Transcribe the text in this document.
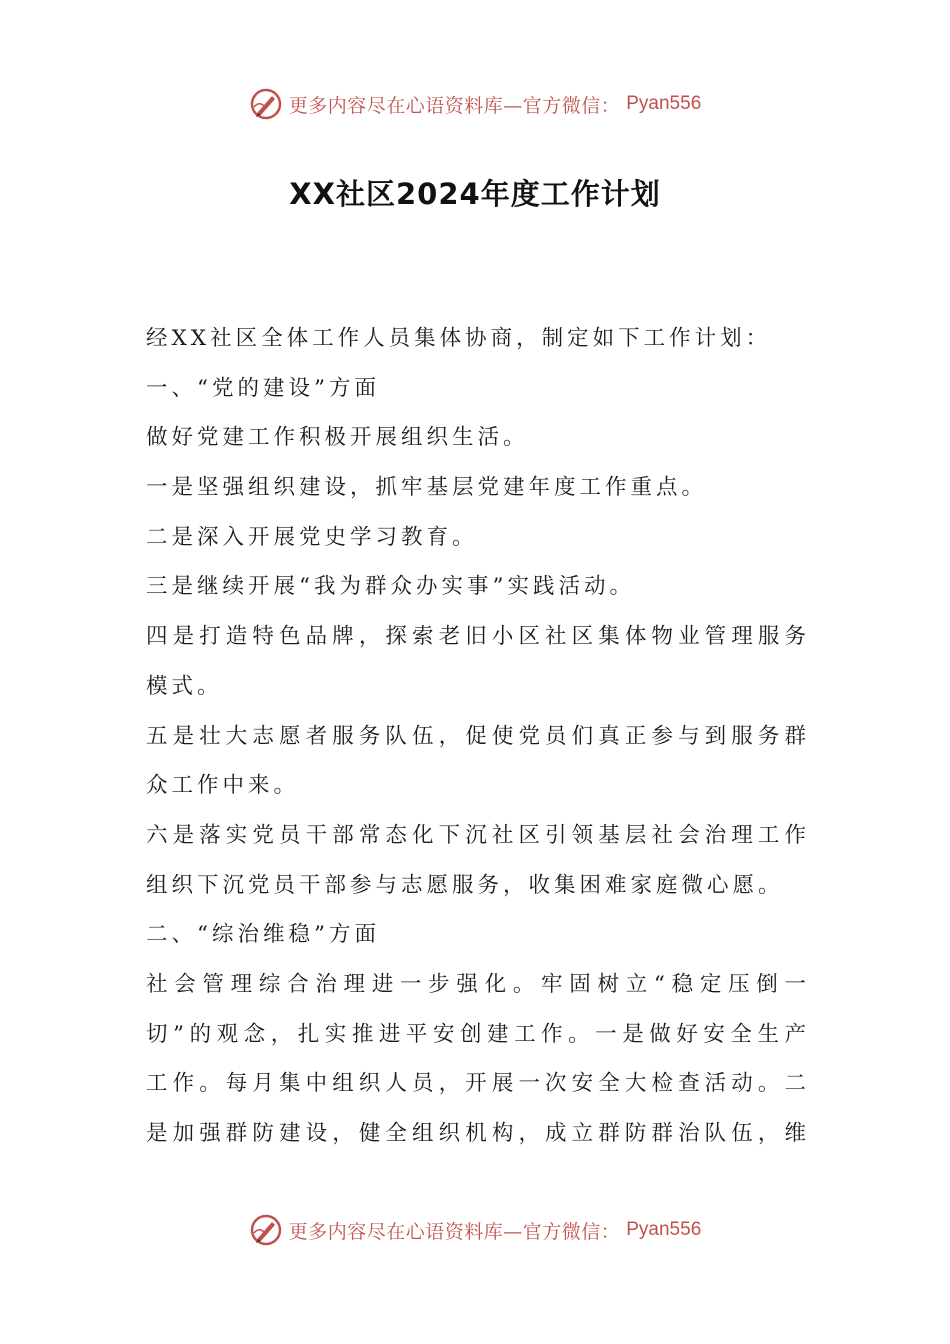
更多内容尽在心语资料库—官方微信： Pyan556
XX社区2024年度工作计划
经XX社区全体工作人员集体协商，制定如下工作计划：
一、“党的建设”方面
做好党建工作积极开展组织生活。
一是坚强组织建设，抓牢基层党建年度工作重点。
二是深入开展党史学习教育。
三是继续开展“我为群众办实事”实践活动。
四是打造特色品牌，探索老旧小区社区集体物业管理服务
模式。
五是壮大志愿者服务队伍，促使党员们真正参与到服务群
众工作中来。
六是落实党员干部常态化下沉社区引领基层社会治理工作
组织下沉党员干部参与志愿服务，收集困难家庭微心愿。
二、“综治维稳”方面
社会管理综合治理进一步强化。牢固树立“稳定压倒一
切”的观念，扎实推进平安创建工作。一是做好安全生产
工作。每月集中组织人员，开展一次安全大检查活动。二
是加强群防建设，健全组织机构，成立群防群治队伍，维
更多内容尽在心语资料库—官方微信： Pyan556
